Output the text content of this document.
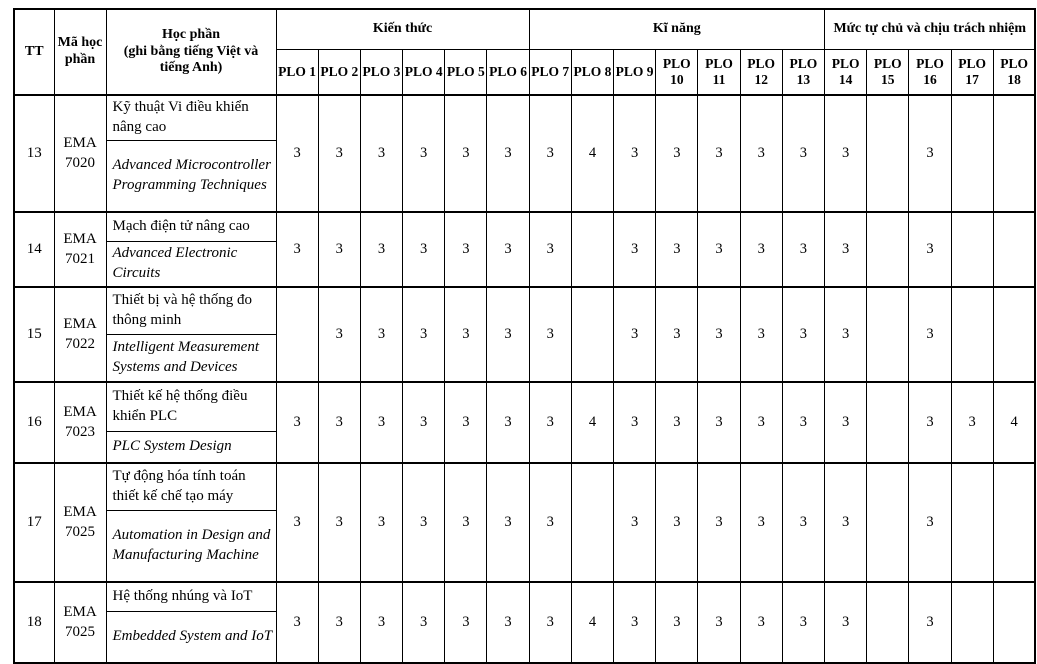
TT	Mã học phần	Học phần
(ghi bằng tiếng Việt và tiếng Anh)	Kiến thức						Kĩ năng							Mức tự chủ và chịu trách nhiệm				
			PLO 1	PLO 2	PLO 3	PLO 4	PLO 5	PLO 6	PLO 7	PLO 8	PLO 9	PLO 10	PLO 11	PLO 12	PLO 13	PLO 14	PLO 15	PLO 16	PLO 17	PLO 18
13	EMA 7020	Kỹ thuật Vi điều khiển nâng cao	3	3	3	3	3	3	3	4	3	3	3	3	3	3		3		
		Advanced Microcontroller Programming Techniques																		
14	EMA 7021	Mạch điện tử nâng cao	3	3	3	3	3	3	3		3	3	3	3	3	3		3		
		Advanced Electronic Circuits																		
15	EMA 7022	Thiết bị và hệ thống đo thông minh		3	3	3	3	3	3		3	3	3	3	3	3		3		
		Intelligent Measurement Systems and Devices																		
16	EMA 7023	Thiết kế hệ thống điều khiển PLC	3	3	3	3	3	3	3	4	3	3	3	3	3	3		3	3	4
		PLC System Design																		
17	EMA 7025	Tự động hóa tính toán thiết kế chế tạo máy	3	3	3	3	3	3	3		3	3	3	3	3	3		3		
		Automation in Design and Manufacturing Machine																		
18	EMA 7025	Hệ thống nhúng và IoT	3	3	3	3	3	3	3	4	3	3	3	3	3	3		3		
		Embedded System and IoT																		
